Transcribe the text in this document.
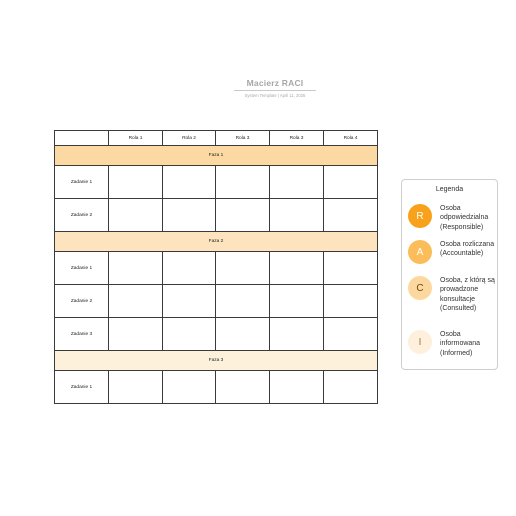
Macierz RACI
System Template | April 11, 2025
	Rola 1	Rola 2	Rola 3	Rola 3	Rola 4
Faza 1					
Zadanie 1					
Zadanie 2					
Faza 2					
Zadanie 1					
Zadanie 2					
Zadanie 3					
Faza 3					
Zadanie 1					
Legenda
R
Osoba odpowiedzialna (Responsible)
A
Osoba rozliczana (Accountable)
C
Osoba, z którą są prowadzone konsultacje (Consulted)
I
Osoba informowana (Informed)
